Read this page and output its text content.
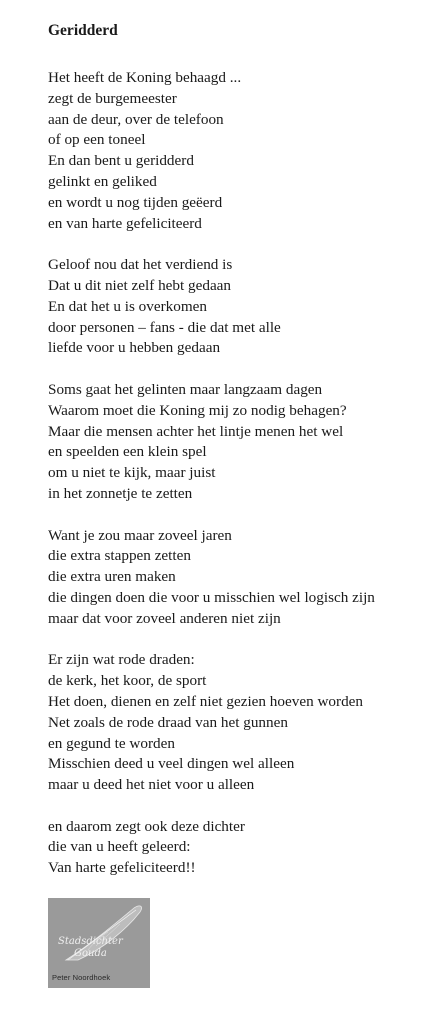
Geridderd
Het heeft de Koning behaagd ...
zegt de burgemeester
aan de deur, over de telefoon
of op een toneel
En dan bent u geridderd
gelinkt en geliked
en wordt u nog tijden geëerd
en van harte gefeliciteerd
Geloof nou dat het verdiend is
Dat u dit niet zelf hebt gedaan
En dat het u is overkomen
door personen – fans - die dat met alle
liefde voor u hebben gedaan
Soms gaat het gelinten maar langzaam dagen
Waarom moet die Koning mij zo nodig behagen?
Maar die mensen achter het lintje menen het wel
en speelden een klein spel
om u niet te kijk, maar juist
in het zonnetje te zetten
Want je zou maar zoveel jaren
die extra stappen zetten
die extra uren maken
die dingen doen die voor u misschien wel logisch zijn
maar dat voor zoveel anderen niet zijn
Er zijn wat rode draden:
de kerk, het koor, de sport
Het doen, dienen en zelf niet gezien hoeven worden
Net zoals de rode draad van het gunnen
en gegund te worden
Misschien deed u veel dingen wel alleen
maar u deed het niet voor u alleen
en daarom zegt ook deze dichter
die van u heeft geleerd:
Van harte gefeliciteerd!!
Stadsdichter
Gouda
Peter Noordhoek
